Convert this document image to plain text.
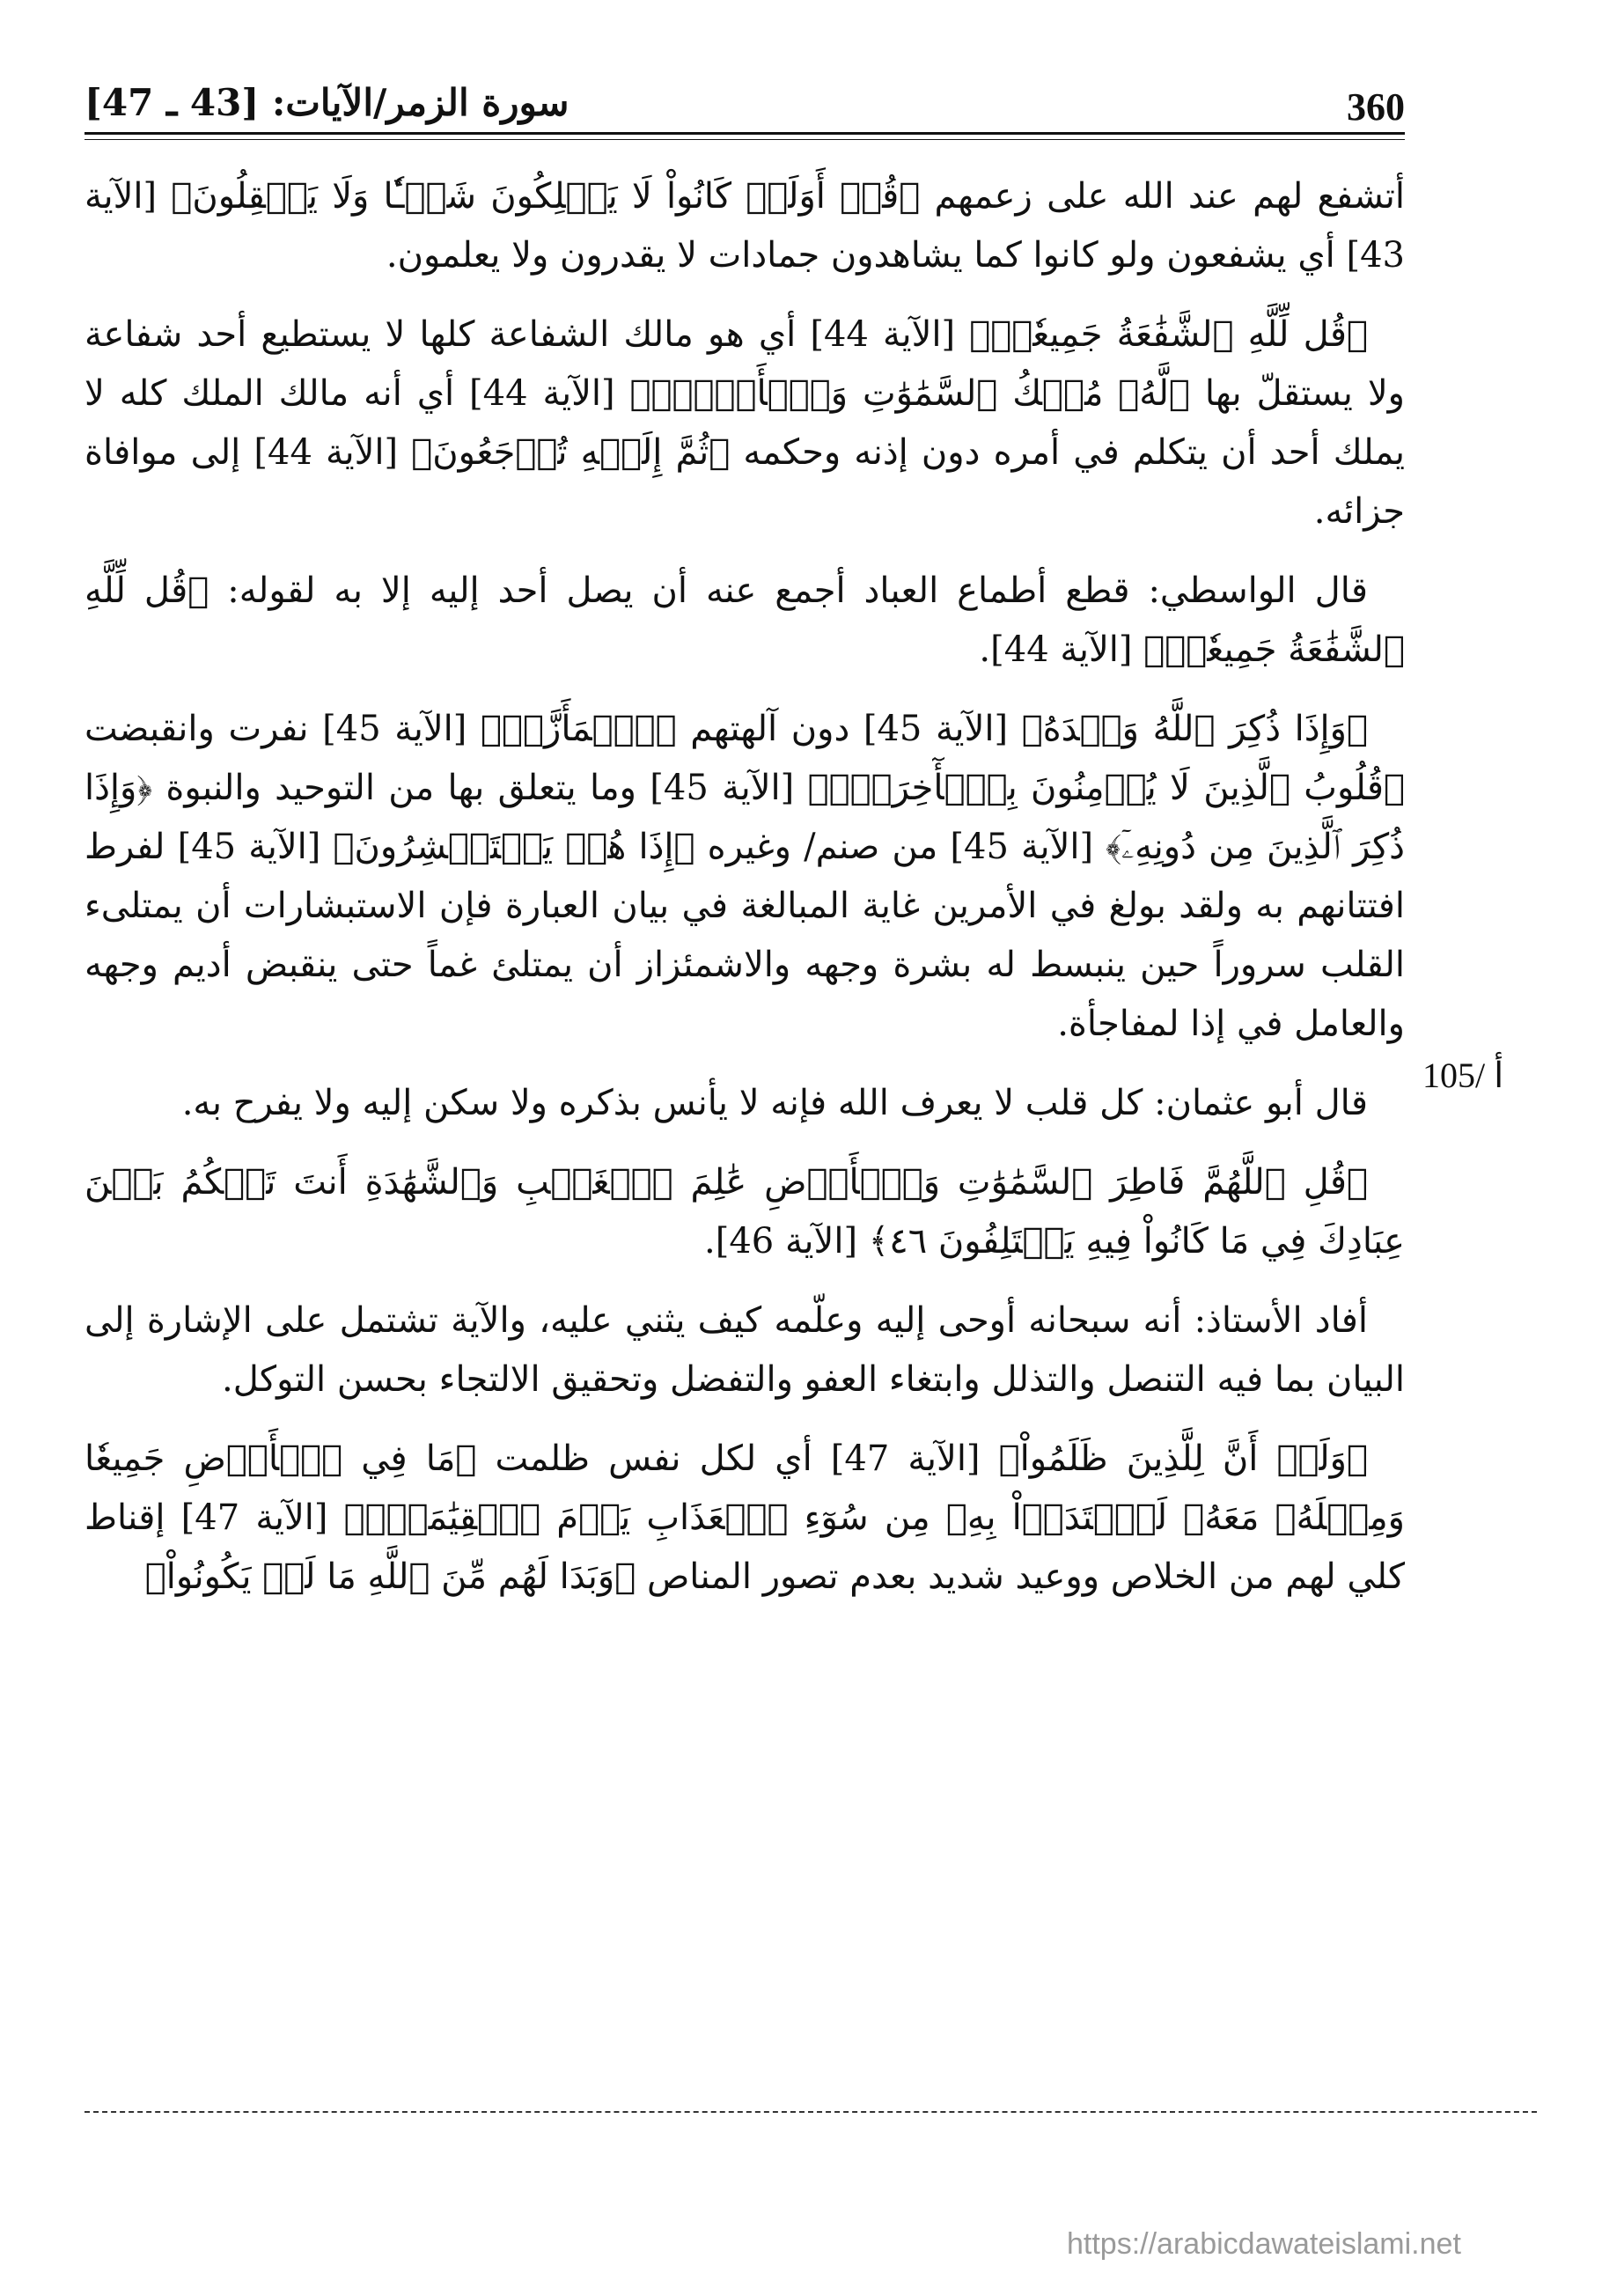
360
سورة الزمر/الآيات: [43 ـ 47]
105/ أ

أتشفع لهم عند الله على زعمهم ﴿قُلۡ أَوَلَوۡ كَانُواْ لَا يَمۡلِكُونَ شَيۡـٔٗا وَلَا يَعۡقِلُونَ﴾ [الآية 43] أي يشفعون ولو كانوا كما يشاهدون جمادات لا يقدرون ولا يعلمون.

﴿قُل لِّلَّهِ ٱلشَّفَٰعَةُ جَمِيعٗاۖ﴾ [الآية 44] أي هو مالك الشفاعة كلها لا يستطيع أحد شفاعة ولا يستقلّ بها ﴿لَّهُۥ مُلۡكُ ٱلسَّمَٰوَٰتِ وَٱلۡأَرۡضِۖ﴾ [الآية 44] أي أنه مالك الملك كله لا يملك أحد أن يتكلم في أمره دون إذنه وحكمه ﴿ثُمَّ إِلَيۡهِ تُرۡجَعُونَ﴾ [الآية 44] إلى موافاة جزائه.

قال الواسطي: قطع أطماع العباد أجمع عنه أن يصل أحد إليه إلا به لقوله: ﴿قُل لِّلَّهِ ٱلشَّفَٰعَةُ جَمِيعٗاۖ﴾ [الآية 44].

﴿وَإِذَا ذُكِرَ ٱللَّهُ وَحۡدَهُ﴾ [الآية 45] دون آلهتهم ﴿ٱشۡمَأَزَّتۡ﴾ [الآية 45] نفرت وانقبضت ﴿قُلُوبُ ٱلَّذِينَ لَا يُؤۡمِنُونَ بِٱلۡأٓخِرَةِۖ﴾ [الآية 45] وما يتعلق بها من التوحيد والنبوة ﴿وَإِذَا ذُكِرَ ٱلَّذِينَ مِن دُونِهِۦٓ﴾ [الآية 45] من صنم/ وغيره ﴿إِذَا هُمۡ يَسۡتَبۡشِرُونَ﴾ [الآية 45] لفرط افتتانهم به ولقد بولغ في الأمرين غاية المبالغة في بيان العبارة فإن الاستبشارات أن يمتلىء القلب سروراً حين ينبسط له بشرة وجهه والاشمئزاز أن يمتلئ غماً حتى ينقبض أديم وجهه والعامل في إذا لمفاجأة.

قال أبو عثمان: كل قلب لا يعرف الله فإنه لا يأنس بذكره ولا سكن إليه ولا يفرح به.

﴿قُلِ ٱللَّهُمَّ فَاطِرَ ٱلسَّمَٰوَٰتِ وَٱلۡأَرۡضِ عَٰلِمَ ٱلۡغَيۡبِ وَٱلشَّهَٰدَةِ أَنتَ تَحۡكُمُ بَيۡنَ عِبَادِكَ فِي مَا كَانُواْ فِيهِ يَخۡتَلِفُونَ ٤٦﴾ [الآية 46].

أفاد الأستاذ: أنه سبحانه أوحى إليه وعلّمه كيف يثني عليه، والآية تشتمل على الإشارة إلى البيان بما فيه التنصل والتذلل وابتغاء العفو والتفضل وتحقيق الالتجاء بحسن التوكل.

﴿وَلَوۡ أَنَّ لِلَّذِينَ ظَلَمُواْ﴾ [الآية 47] أي لكل نفس ظلمت ﴿مَا فِي ٱلۡأَرۡضِ جَمِيعٗا وَمِثۡلَهُۥ مَعَهُۥ لَٱفۡتَدَوۡاْ بِهِۦ مِن سُوٓءِ ٱلۡعَذَابِ يَوۡمَ ٱلۡقِيَٰمَةِۚ﴾ [الآية 47] إقناط كلي لهم من الخلاص ووعيد شديد بعدم تصور المناص ﴿وَبَدَا لَهُم مِّنَ ٱللَّهِ مَا لَمۡ يَكُونُواْ﴾

https://arabicdawateislami.net
